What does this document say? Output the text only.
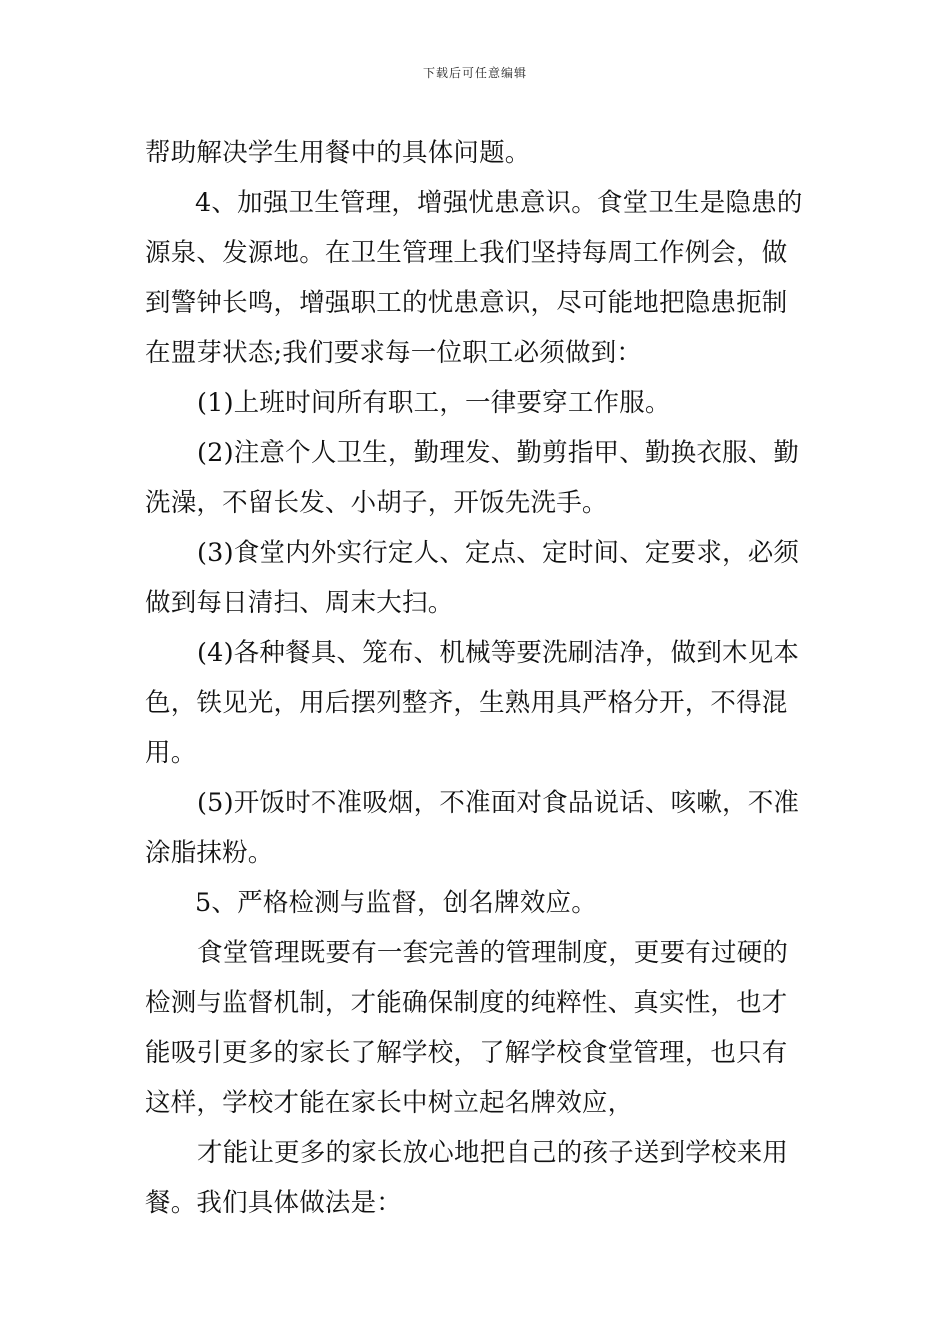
下载后可任意编辑
帮助解决学生用餐中的具体问题。
4、加强卫生管理，增强忧患意识。食堂卫生是隐患的
源泉、发源地。在卫生管理上我们坚持每周工作例会，做
到警钟长鸣，增强职工的忧患意识，尽可能地把隐患扼制
在盟芽状态;我们要求每一位职工必须做到：
(1)上班时间所有职工，一律要穿工作服。
(2)注意个人卫生，勤理发、勤剪指甲、勤换衣服、勤
洗澡，不留长发、小胡子，开饭先洗手。
(3)食堂内外实行定人、定点、定时间、定要求，必须
做到每日清扫、周末大扫。
(4)各种餐具、笼布、机械等要洗刷洁净，做到木见本
色，铁见光，用后摆列整齐，生熟用具严格分开，不得混
用。
(5)开饭时不准吸烟，不准面对食品说话、咳嗽，不准
涂脂抹粉。
5、严格检测与监督，创名牌效应。
食堂管理既要有一套完善的管理制度，更要有过硬的
检测与监督机制，才能确保制度的纯粹性、真实性，也才
能吸引更多的家长了解学校，了解学校食堂管理，也只有
这样，学校才能在家长中树立起名牌效应，
才能让更多的家长放心地把自己的孩子送到学校来用
餐。我们具体做法是：
